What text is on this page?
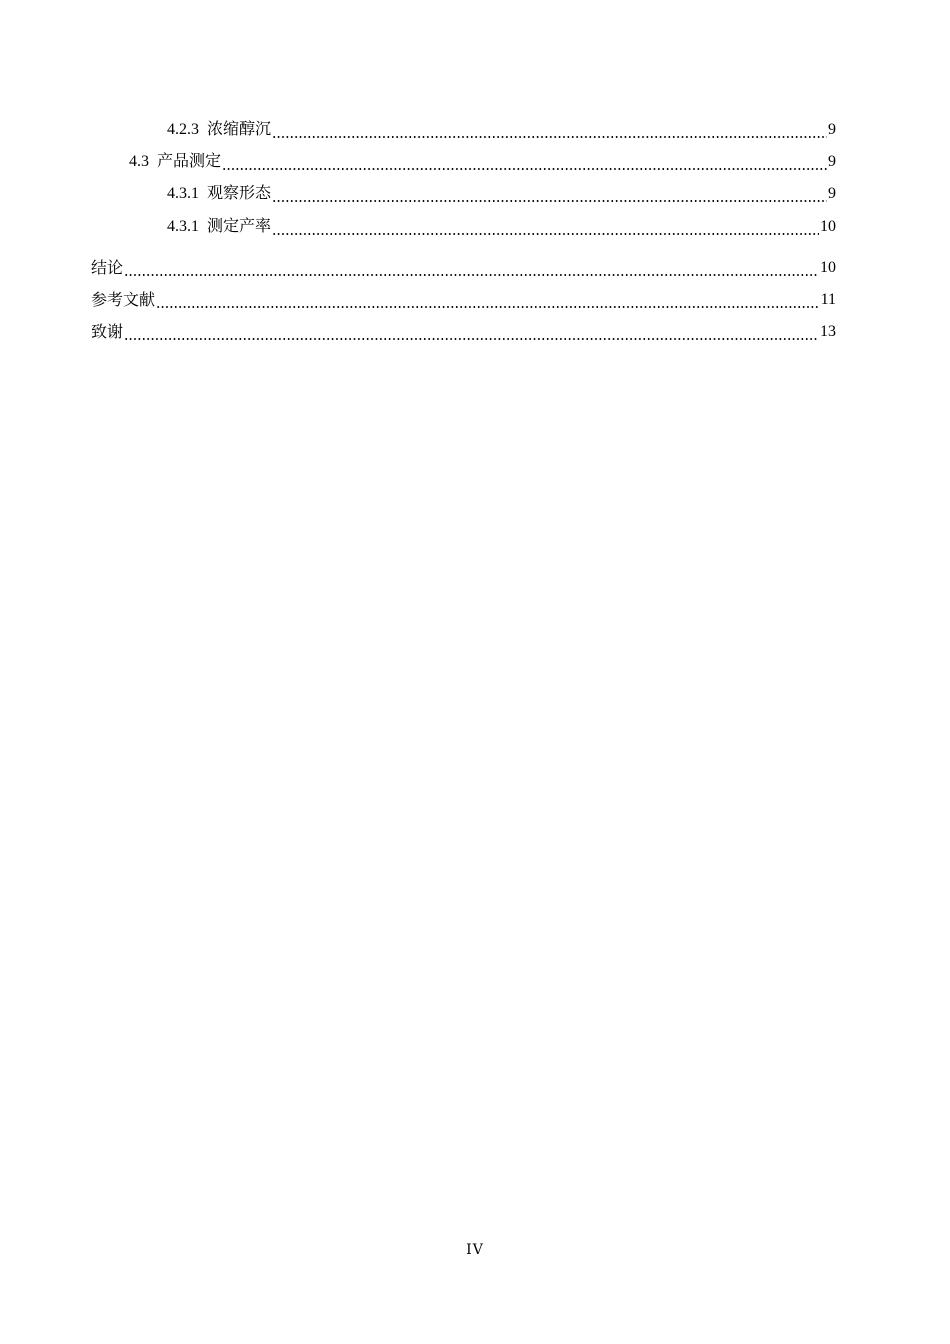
4.2.3 浓缩醇沉	9
4.3 产品测定	9
4.3.1 观察形态	9
4.3.1 测定产率	10
结论	10
参考文献	11
致谢	13
IV
